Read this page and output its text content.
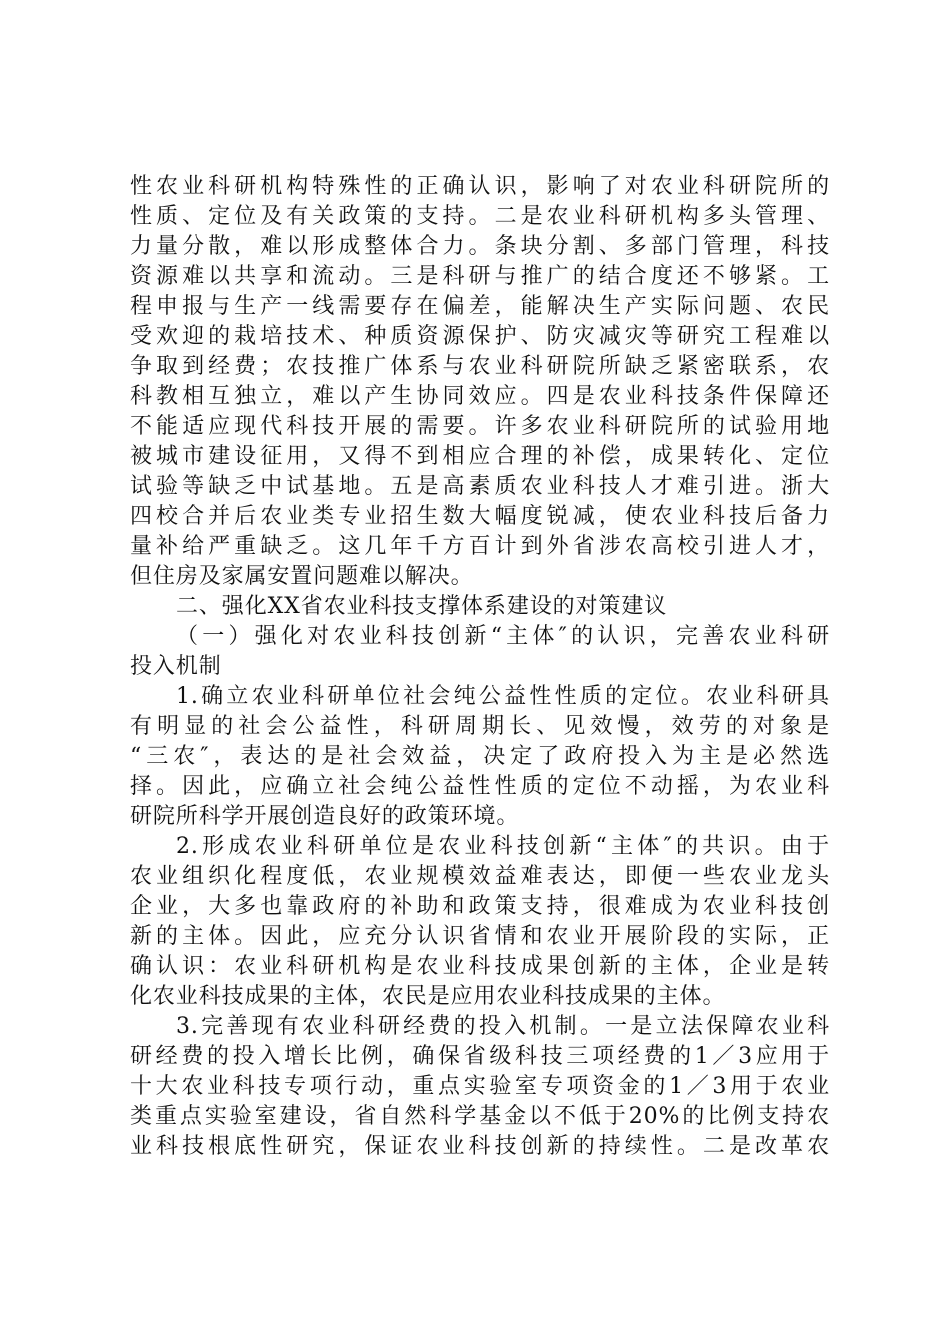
性农业科研机构特殊性的正确认识，影响了对农业科研院所的
性质、定位及有关政策的支持。二是农业科研机构多头管理、
力量分散，难以形成整体合力。条块分割、多部门管理，科技
资源难以共享和流动。三是科研与推广的结合度还不够紧。工
程申报与生产一线需要存在偏差，能解决生产实际问题、农民
受欢迎的栽培技术、种质资源保护、防灾减灾等研究工程难以
争取到经费；农技推广体系与农业科研院所缺乏紧密联系，农
科教相互独立，难以产生协同效应。四是农业科技条件保障还
不能适应现代科技开展的需要。许多农业科研院所的试验用地
被城市建设征用，又得不到相应合理的补偿，成果转化、定位
试验等缺乏中试基地。五是高素质农业科技人才难引进。浙大
四校合并后农业类专业招生数大幅度锐减，使农业科技后备力
量补给严重缺乏。这几年千方百计到外省涉农高校引进人才，
但住房及家属安置问题难以解决。
二、强化XX省农业科技支撑体系建设的对策建议
（一）强化对农业科技创新“主体″的认识，完善农业科研
投入机制
1.确立农业科研单位社会纯公益性性质的定位。农业科研具
有明显的社会公益性，科研周期长、见效慢，效劳的对象是
“三农″，表达的是社会效益，决定了政府投入为主是必然选
择。因此，应确立社会纯公益性性质的定位不动摇，为农业科
研院所科学开展创造良好的政策环境。
2.形成农业科研单位是农业科技创新“主体″的共识。由于
农业组织化程度低，农业规模效益难表达，即便一些农业龙头
企业，大多也靠政府的补助和政策支持，很难成为农业科技创
新的主体。因此，应充分认识省情和农业开展阶段的实际，正
确认识：农业科研机构是农业科技成果创新的主体，企业是转
化农业科技成果的主体，农民是应用农业科技成果的主体。
3.完善现有农业科研经费的投入机制。一是立法保障农业科
研经费的投入增长比例，确保省级科技三项经费的1／3应用于
十大农业科技专项行动，重点实验室专项资金的1／3用于农业
类重点实验室建设，省自然科学基金以不低于20%的比例支持农
业科技根底性研究，保证农业科技创新的持续性。二是改革农
